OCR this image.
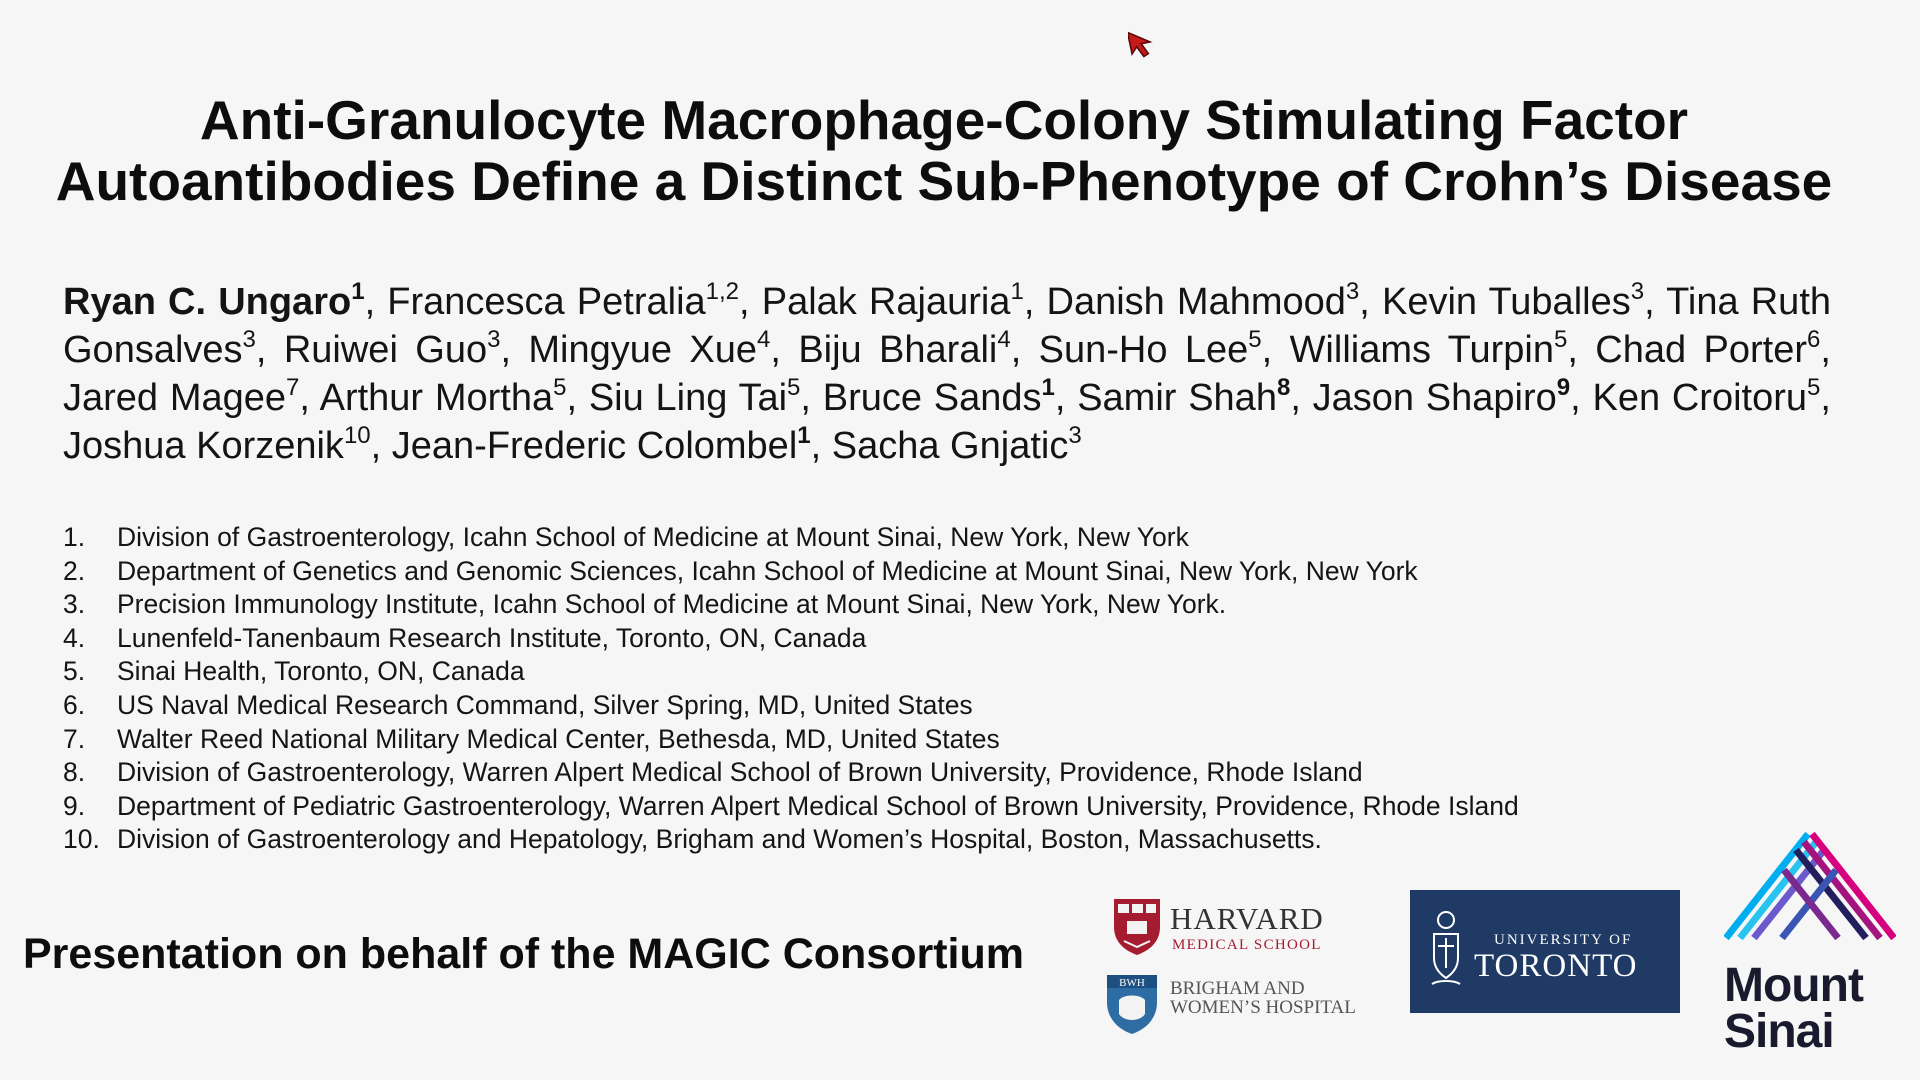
Anti-Granulocyte Macrophage-Colony Stimulating Factor
Autoantibodies Define a Distinct Sub-Phenotype of Crohn’s Disease
Ryan C. Ungaro$^1$, Francesca Petralia$^{1,2}$, Palak Rajauria$^1$, Danish Mahmood$^3$, Kevin Tuballes$^3$, Tina Ruth Gonsalves$^3$, Ruiwei Guo$^3$, Mingyue Xue$^4$, Biju Bharali$^4$, Sun-Ho Lee$^5$, Williams Turpin$^5$, Chad Porter$^6$, Jared Magee$^7$, Arthur Mortha$^5$, Siu Ling Tai$^5$, Bruce Sands$^1$, Samir Shah$^8$, Jason Shapiro$^9$, Ken Croitoru$^5$, Joshua Korzenik$^{10}$, Jean-Frederic Colombel$^1$, Sacha Gnjatic$^3$
1.	Division of Gastroenterology, Icahn School of Medicine at Mount Sinai, New York, New York
2.	Department of Genetics and Genomic Sciences, Icahn School of Medicine at Mount Sinai, New York, New York
3.	Precision Immunology Institute, Icahn School of Medicine at Mount Sinai, New York, New York.
4.	Lunenfeld-Tanenbaum Research Institute, Toronto, ON, Canada
5.	Sinai Health, Toronto, ON, Canada
6.	US Naval Medical Research Command, Silver Spring, MD, United States
7.	Walter Reed National Military Medical Center, Bethesda, MD, United States
8.	Division of Gastroenterology, Warren Alpert Medical School of Brown University, Providence, Rhode Island
9.	Department of Pediatric Gastroenterology, Warren Alpert Medical School of Brown University, Providence, Rhode Island
10. Division of Gastroenterology and Hepatology, Brigham and Women’s Hospital, Boston, Massachusetts.
Presentation on behalf of the MAGIC Consortium
HARVARD
MEDICAL SCHOOL
BWH BRIGHAM AND
WOMEN’S HOSPITAL
UNIVERSITY OF
TORONTO Mount
Sinai
